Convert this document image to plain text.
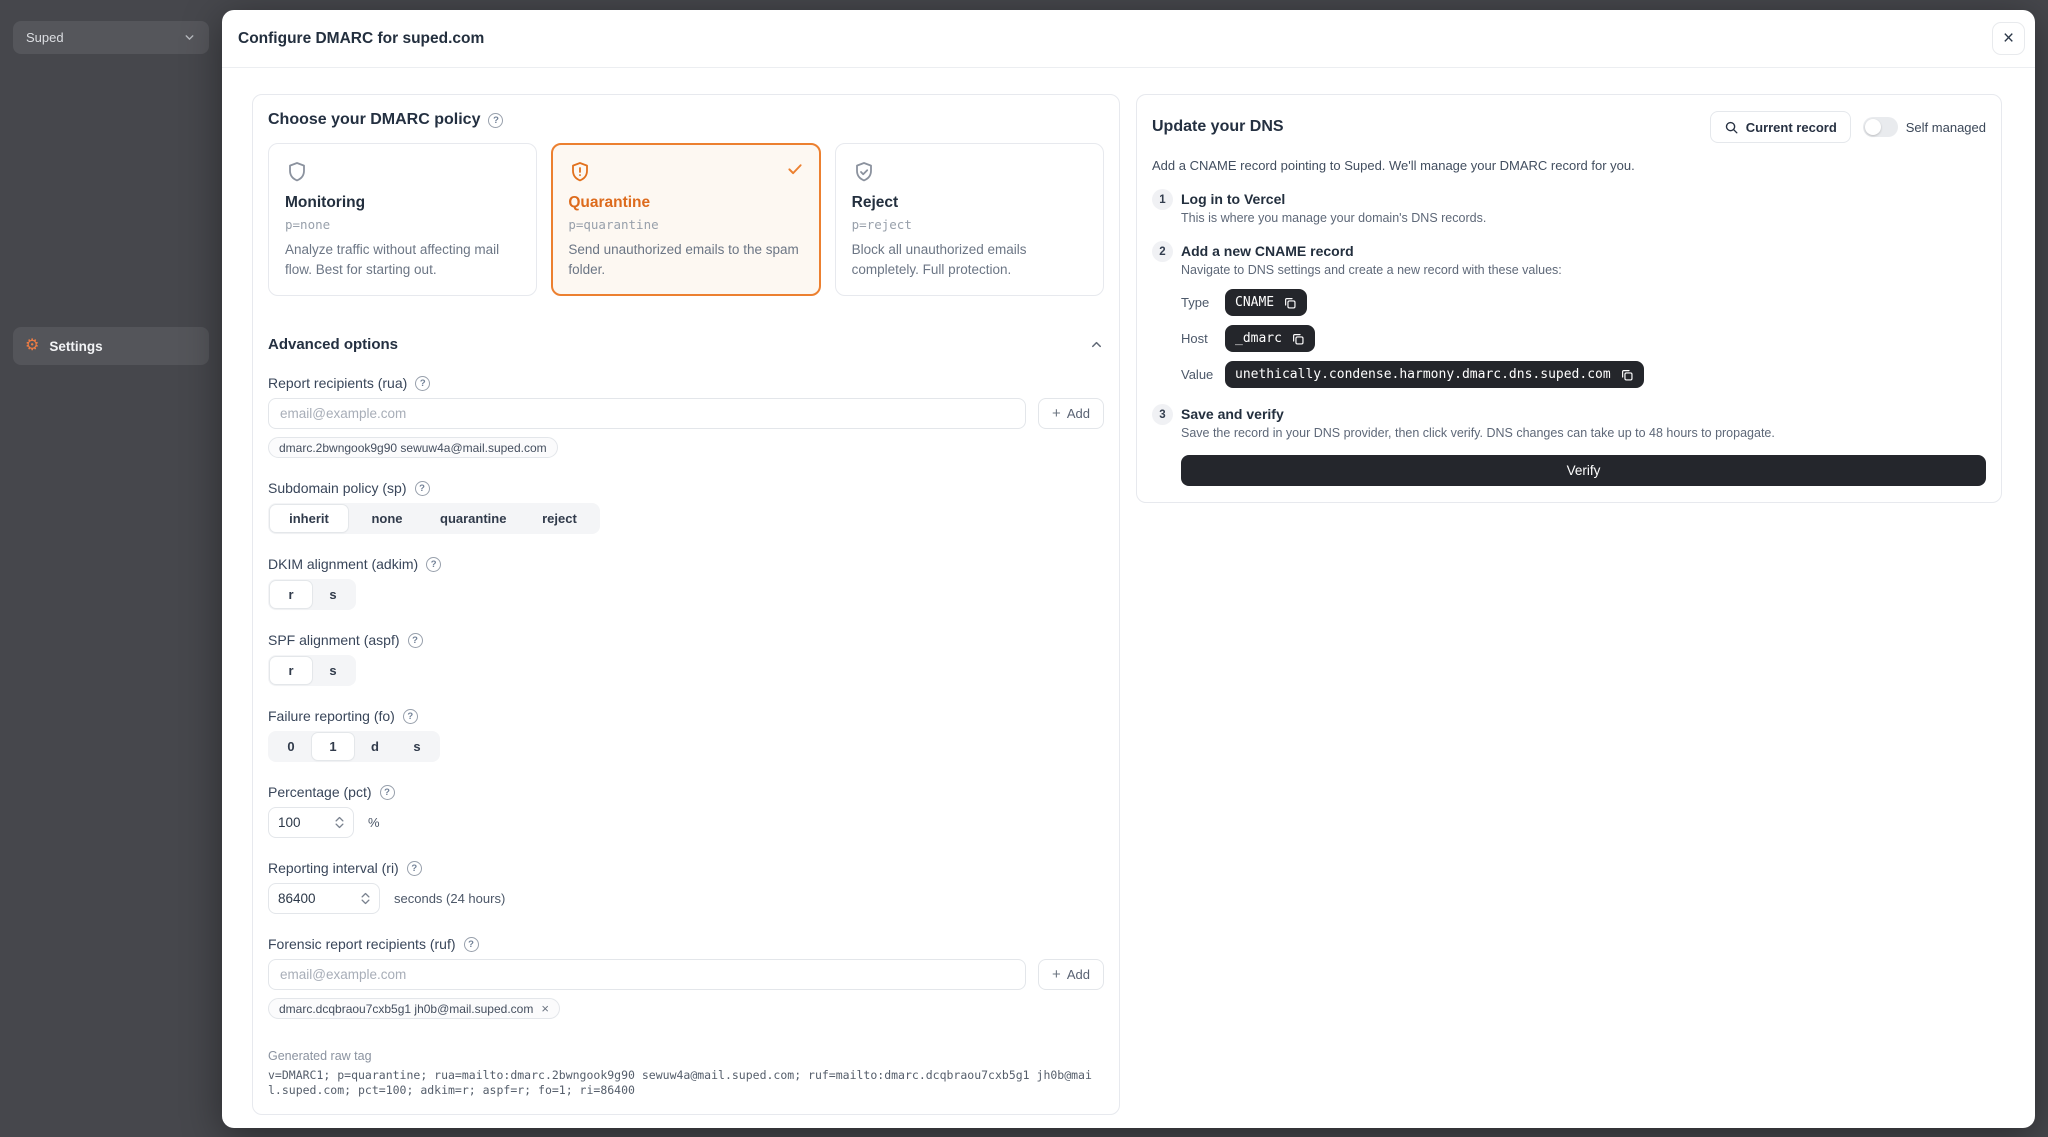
Suped
⚙ Settings
Configure DMARC for suped.com	×
Choose your DMARC policy	?
Monitoring
p=none
Analyze traffic without affecting mail flow. Best for starting out.
Quarantine
p=quarantine
Send unauthorized emails to the spam folder.
Reject
p=reject
Block all unauthorized emails completely. Full protection.
Advanced options
Report recipients (rua)	?
email@example.com
+ Add
dmarc.2bwngook9g90 sewuw4a@mail.suped.com
Subdomain policy (sp)	?
inherit	none	quarantine	reject
DKIM alignment (adkim)	?
r	s
SPF alignment (aspf)	?
r	s
Failure reporting (fo)	?
0	1	d	s
Percentage (pct)	?
100
%
Reporting interval (ri)	?
86400
seconds (24 hours)
Forensic report recipients (ruf)	?
email@example.com
+ Add
dmarc.dcqbraou7cxb5g1 jh0b@mail.suped.com ×
Generated raw tag
v=DMARC1; p=quarantine; rua=mailto:dmarc.2bwngook9g90 sewuw4a@mail.suped.com; ruf=mailto:dmarc.dcqbraou7cxb5g1 jh0b@mail.suped.com; pct=100; adkim=r; aspf=r; fo=1; ri=86400
Update your DNS	Current record	Self managed

Add a CNAME record pointing to Suped. We'll manage your DMARC record for you.

1	Log in to Vercel
This is where you manage your domain's DNS records.
2	Add a new CNAME record
Navigate to DNS settings and create a new record with these values:
Type	CNAME
Host	_dmarc
Value	unethically.condense.harmony.dmarc.dns.suped.com
3	Save and verify
Save the record in your DNS provider, then click verify. DNS changes can take up to 48 hours to propagate.
Verify
